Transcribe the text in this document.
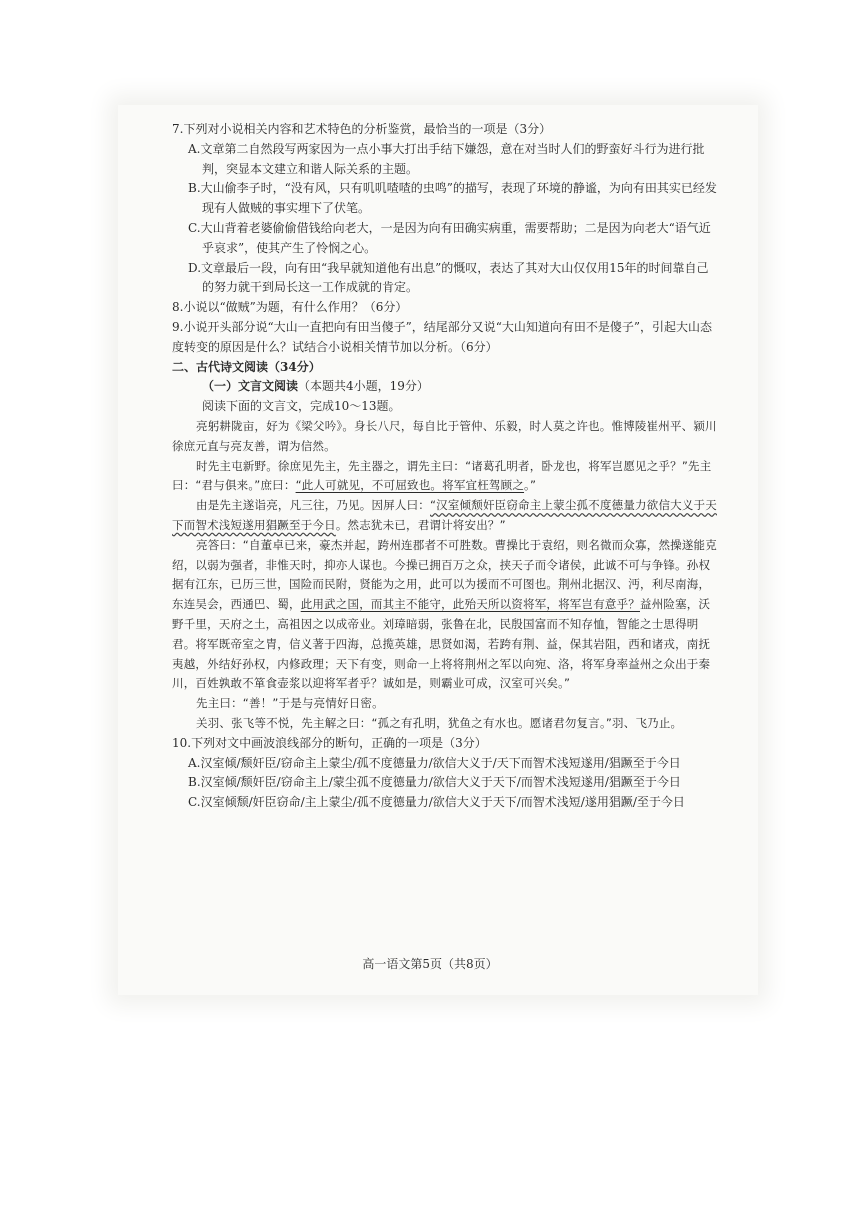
7.下列对小说相关内容和艺术特色的分析鉴赏，最恰当的一项是（3分）

A.文章第二自然段写两家因为一点小事大打出手结下嫌怨，意在对当时人们的野蛮好斗行为进行批判，突显本文建立和谐人际关系的主题。

B.大山偷李子时，“没有风，只有叽叽喳喳的虫鸣”的描写，表现了环境的静谧，为向有田其实已经发现有人做贼的事实埋下了伏笔。

C.大山背着老婆偷偷借钱给向老大，一是因为向有田确实病重，需要帮助；二是因为向老大“语气近乎哀求”，使其产生了怜悯之心。

D.文章最后一段，向有田“我早就知道他有出息”的慨叹，表达了其对大山仅仅用15年的时间靠自己的努力就干到局长这一工作成就的肯定。

8.小说以“做贼”为题，有什么作用？（6分）

9.小说开头部分说“大山一直把向有田当傻子”，结尾部分又说“大山知道向有田不是傻子”，引起大山态度转变的原因是什么？试结合小说相关情节加以分析。（6分）

二、古代诗文阅读（34分）

（一）文言文阅读（本题共4小题，19分）

阅读下面的文言文，完成10～13题。

亮躬耕陇亩，好为《梁父吟》。身长八尺，每自比于管仲、乐毅，时人莫之许也。惟博陵崔州平、颍川徐庶元直与亮友善，谓为信然。

时先主屯新野。徐庶见先主，先主器之，谓先主曰：“诸葛孔明者，卧龙也，将军岂愿见之乎？”先主曰：“君与俱来。”庶曰：“此人可就见，不可屈致也。将军宜枉驾顾之。”

由是先主遂诣亮，凡三往，乃见。因屏人曰：“汉室倾颓奸臣窃命主上蒙尘孤不度德量力欲信大义于天下而智术浅短遂用猖蹶至于今日。然志犹未已，君谓计将安出？”

亮答曰：“自董卓已来，豪杰并起，跨州连郡者不可胜数。曹操比于袁绍，则名微而众寡，然操遂能克绍，以弱为强者，非惟天时，抑亦人谋也。今操已拥百万之众，挟天子而令诸侯，此诚不可与争锋。孙权据有江东，已历三世，国险而民附，贤能为之用，此可以为援而不可图也。荆州北据汉、沔，利尽南海，东连吴会，西通巴、蜀，此用武之国，而其主不能守，此殆天所以资将军，将军岂有意乎？益州险塞，沃野千里，天府之土，高祖因之以成帝业。刘璋暗弱，张鲁在北，民殷国富而不知存恤，智能之士思得明君。将军既帝室之胄，信义著于四海，总揽英雄，思贤如渴，若跨有荆、益，保其岩阻，西和诸戎，南抚夷越，外结好孙权，内修政理；天下有变，则命一上将将荆州之军以向宛、洛，将军身率益州之众出于秦川，百姓孰敢不箪食壶浆以迎将军者乎？诚如是，则霸业可成，汉室可兴矣。”

先主曰：“善！”于是与亮情好日密。

关羽、张飞等不悦，先主解之曰：“孤之有孔明，犹鱼之有水也。愿诸君勿复言。”羽、飞乃止。

10.下列对文中画波浪线部分的断句，正确的一项是（3分）

A.汉室倾/颓奸臣/窃命主上蒙尘/孤不度德量力/欲信大义于/天下而智术浅短遂用/猖蹶至于今日

B.汉室倾/颓奸臣/窃命主上/蒙尘孤不度德量力/欲信大义于天下/而智术浅短遂用/猖蹶至于今日

C.汉室倾颓/奸臣窃命/主上蒙尘/孤不度德量力/欲信大义于天下/而智术浅短/遂用猖蹶/至于今日

高一语文第5页（共8页）
